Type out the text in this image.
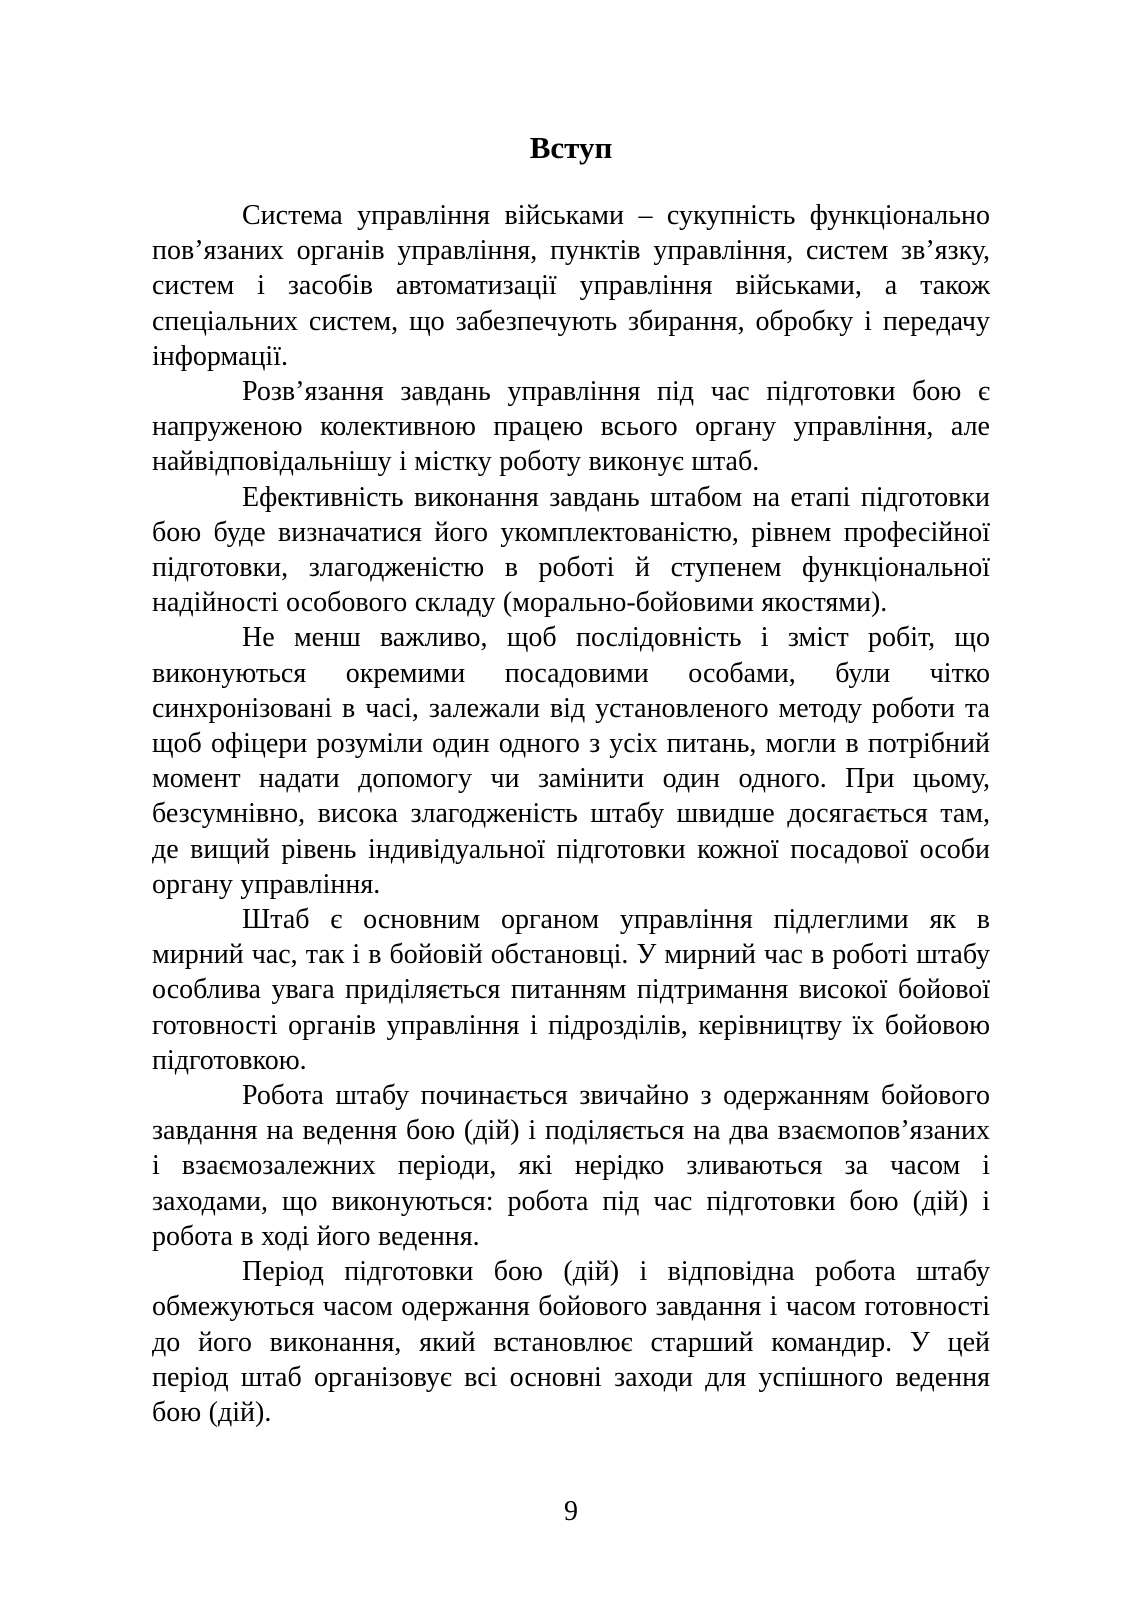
Вступ

Система управління військами – сукупність функціонально пов’язаних органів управління, пунктів управління, систем зв’язку, систем і засобів автоматизації управління військами, а також спеціальних систем, що забезпечують збирання, обробку і передачу інформації.

Розв’язання завдань управління під час підготовки бою є напруженою колективною працею всього органу управління, але найвідповідальнішу і містку роботу виконує штаб.

Ефективність виконання завдань штабом на етапі підготовки бою буде визначатися його укомплектованістю, рівнем професійної підготовки, злагодженістю в роботі й ступенем функціональної надійності особового складу (морально-бойовими якостями).

Не менш важливо, щоб послідовність і зміст робіт, що виконуються окремими посадовими особами, були чітко синхронізовані в часі, залежали від установленого методу роботи та щоб офіцери розуміли один одного з усіх питань, могли в потрібний момент надати допомогу чи замінити один одного. При цьому, безсумнівно, висока злагодженість штабу швидше досягається там, де вищий рівень індивідуальної підготовки кожної посадової особи органу управління.

Штаб є основним органом управління підлеглими як в мирний час, так і в бойовій обстановці. У мирний час в роботі штабу особлива увага приділяється питанням підтримання високої бойової готовності органів управління і підрозділів, керівництву їх бойовою підготовкою.

Робота штабу починається звичайно з одержанням бойового завдання на ведення бою (дій) і поділяється на два взаємопов’язаних і взаємозалежних періоди, які нерідко зливаються за часом і заходами, що виконуються: робота під час підготовки бою (дій) і робота в ході його ведення.

Період підготовки бою (дій) і відповідна робота штабу обмежуються часом одержання бойового завдання і часом готовності до його виконання, який встановлює старший командир. У цей період штаб організовує всі основні заходи для успішного ведення бою (дій).

9
